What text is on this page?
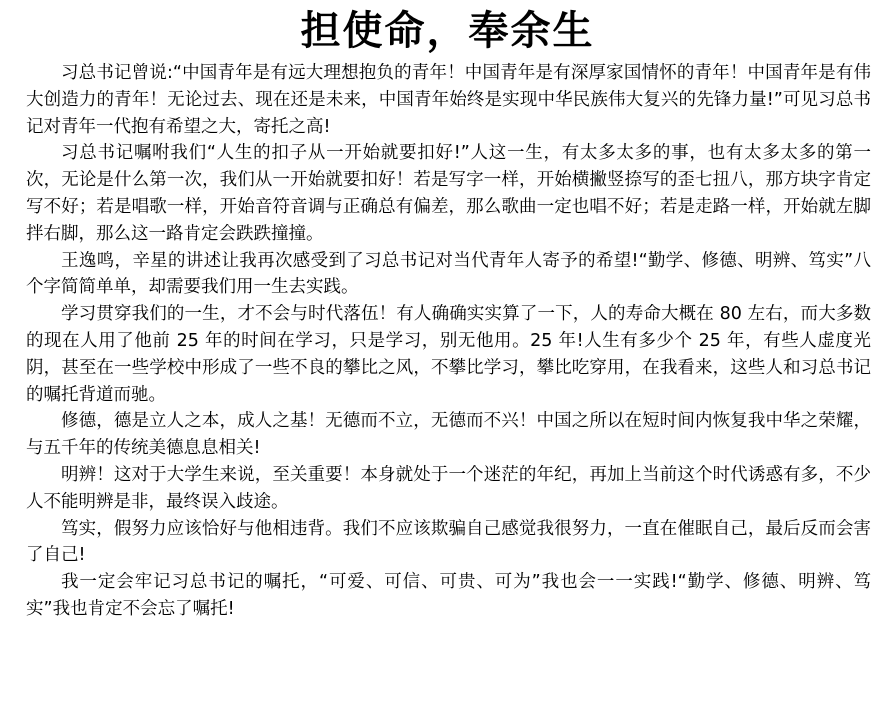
担使命，奉余生

习总书记曾说:“中国青年是有远大理想抱负的青年！中国青年是有深厚家国情怀的青年！中国青年是有伟大创造力的青年！无论过去、现在还是未来，中国青年始终是实现中华民族伟大复兴的先锋力量!”可见习总书记对青年一代抱有希望之大，寄托之高!

习总书记嘱咐我们“人生的扣子从一开始就要扣好!”人这一生，有太多太多的事，也有太多太多的第一次，无论是什么第一次，我们从一开始就要扣好！若是写字一样，开始横撇竖捺写的歪七扭八，那方块字肯定写不好；若是唱歌一样，开始音符音调与正确总有偏差，那么歌曲一定也唱不好；若是走路一样，开始就左脚拌右脚，那么这一路肯定会跌跌撞撞。

王逸鸣，辛星的讲述让我再次感受到了习总书记对当代青年人寄予的希望!“勤学、修德、明辨、笃实”八个字简简单单，却需要我们用一生去实践。

学习贯穿我们的一生，才不会与时代落伍！有人确确实实算了一下，人的寿命大概在 80 左右，而大多数的现在人用了他前 25 年的时间在学习，只是学习，别无他用。25 年!人生有多少个 25 年，有些人虚度光阴，甚至在一些学校中形成了一些不良的攀比之风，不攀比学习，攀比吃穿用，在我看来，这些人和习总书记的嘱托背道而驰。

修德，德是立人之本，成人之基！无德而不立，无德而不兴！中国之所以在短时间内恢复我中华之荣耀，与五千年的传统美德息息相关!

明辨！这对于大学生来说，至关重要！本身就处于一个迷茫的年纪，再加上当前这个时代诱惑有多，不少人不能明辨是非，最终误入歧途。

笃实，假努力应该恰好与他相违背。我们不应该欺骗自己感觉我很努力，一直在催眠自己，最后反而会害了自己!

我一定会牢记习总书记的嘱托，“可爱、可信、可贵、可为”我也会一一实践!“勤学、修德、明辨、笃实”我也肯定不会忘了嘱托!
